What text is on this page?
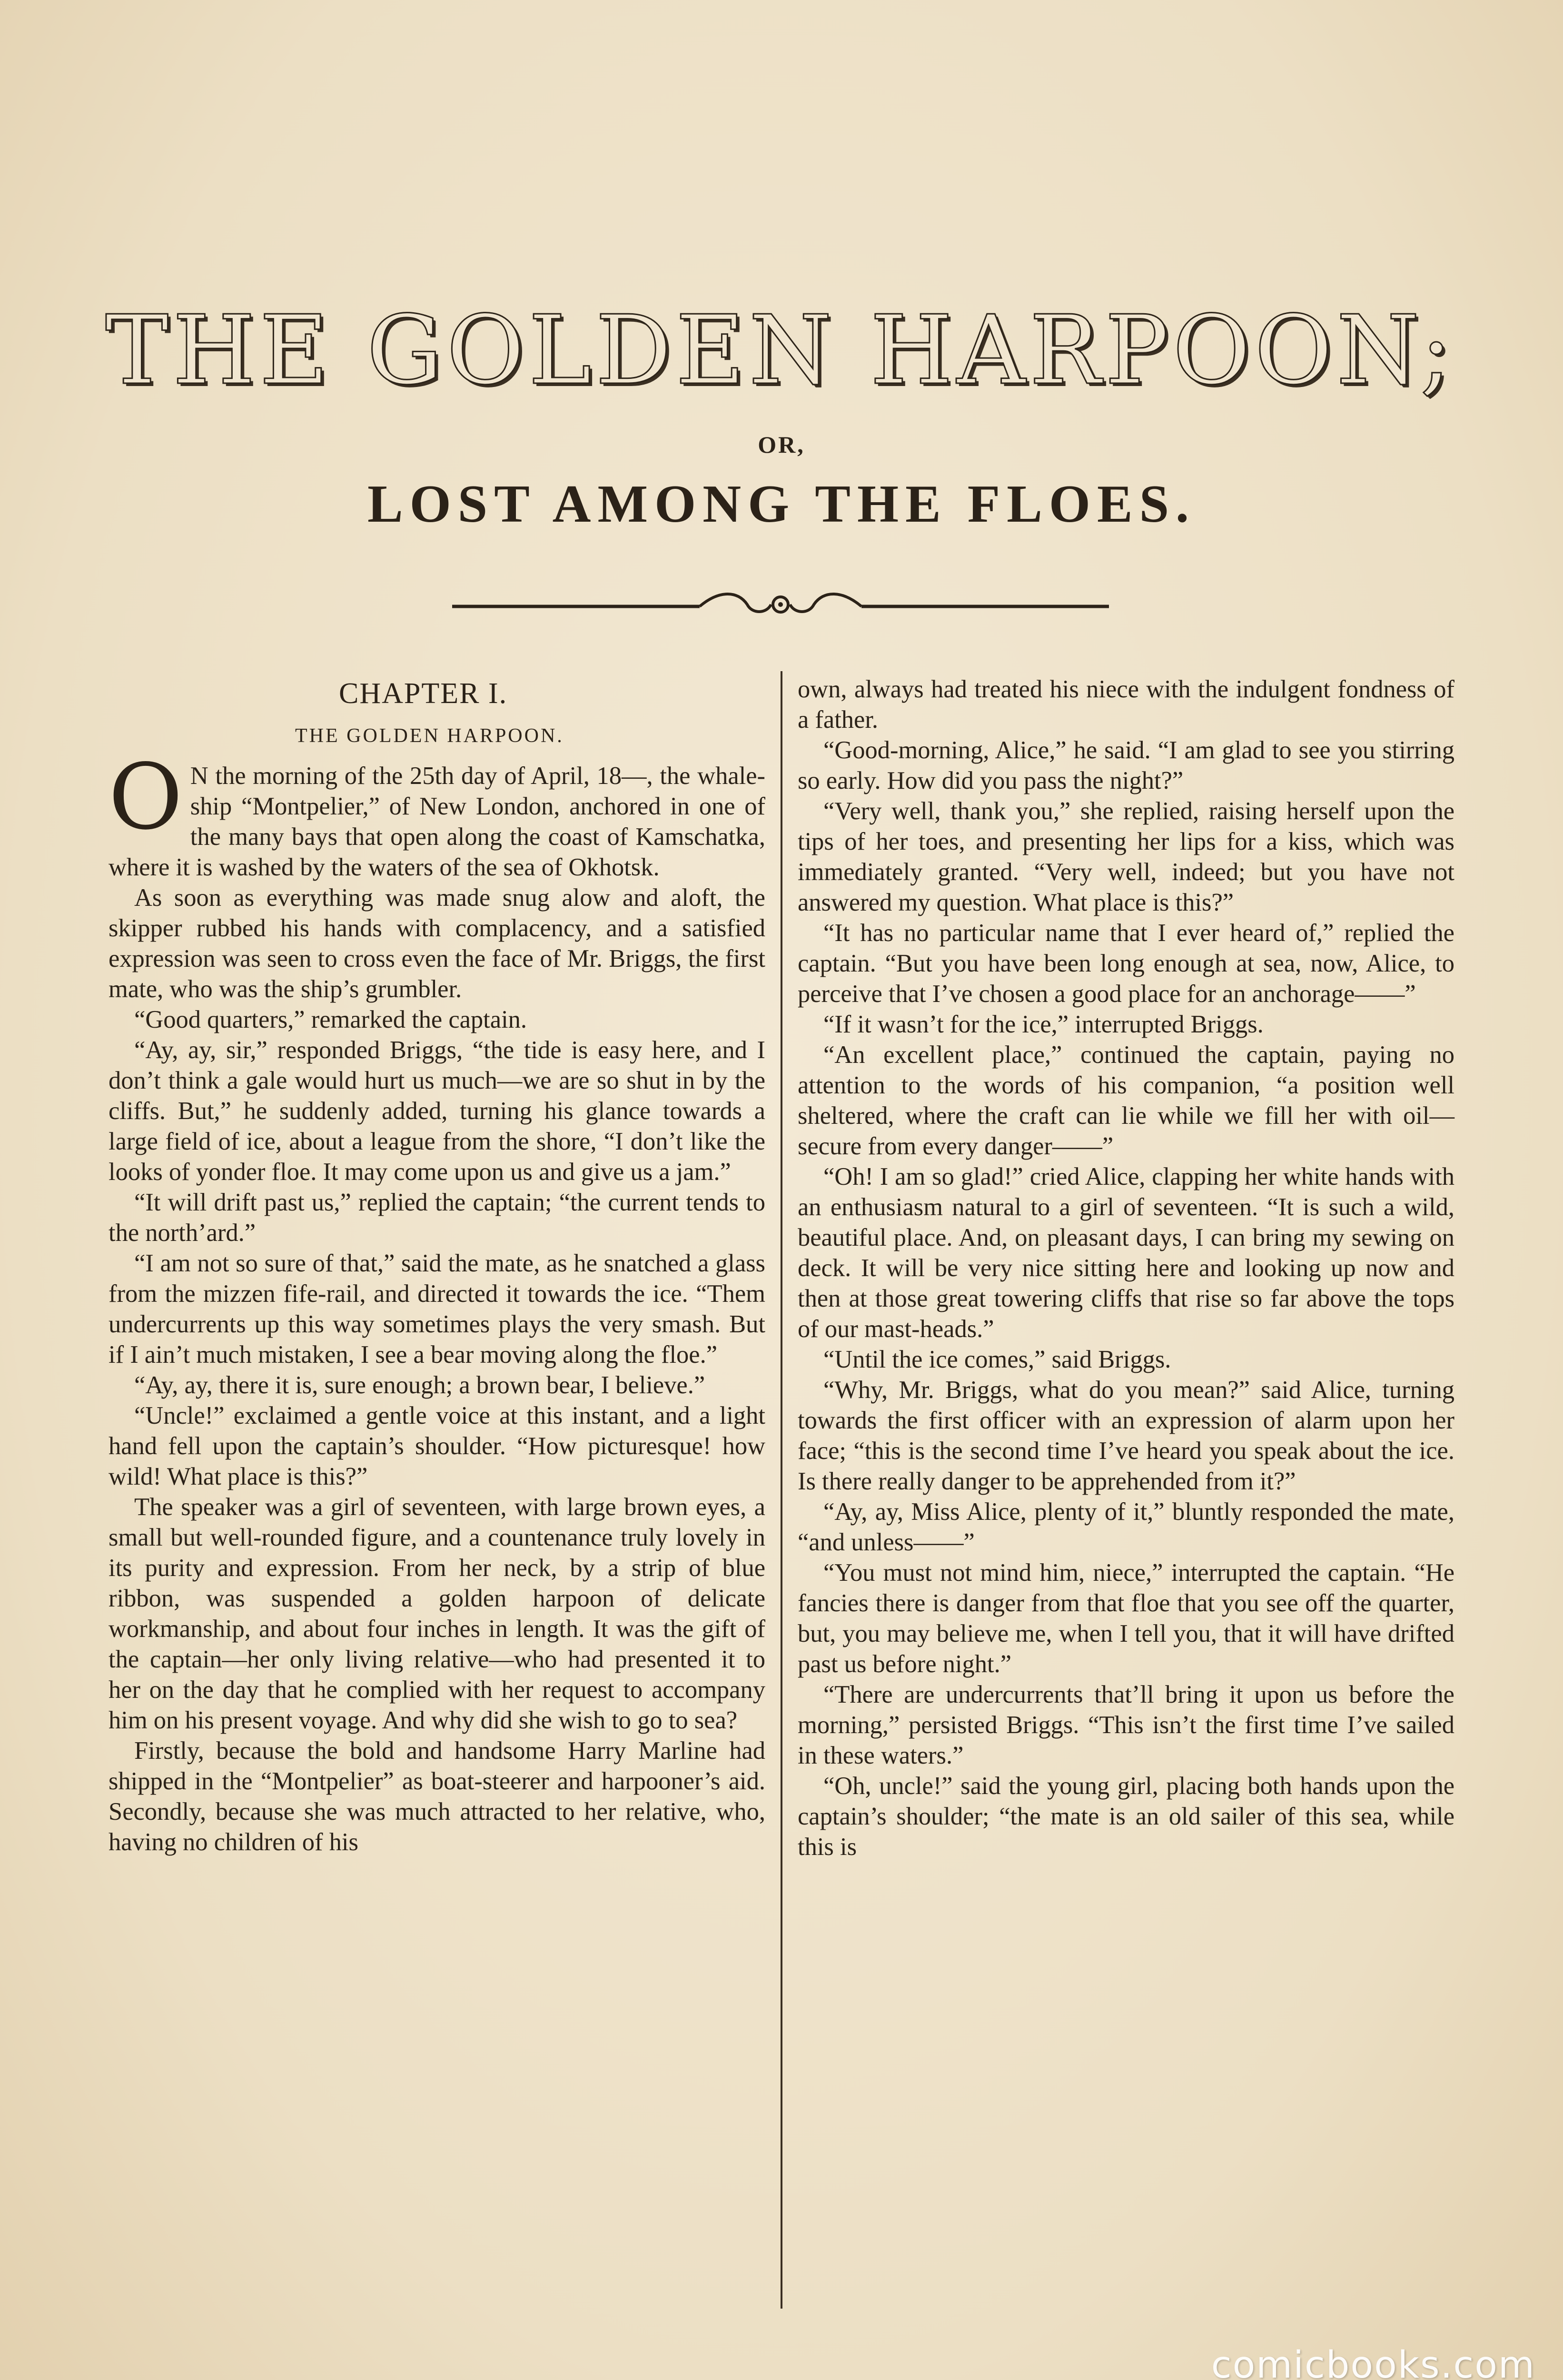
THE GOLDEN HARPOON;
OR,
LOST AMONG THE FLOES.
CHAPTER I.
THE GOLDEN HARPOON.

O N the morning of the 25th day of April, 18—, the whale-ship “Montpelier,” of New London, anchored in one of the many bays that open along the coast of Kamschatka, where it is washed by the waters of the sea of Okhotsk.

As soon as everything was made snug alow and aloft, the skipper rubbed his hands with complacency, and a satisfied expression was seen to cross even the face of Mr. Briggs, the first mate, who was the ship’s grumbler.

“Good quarters,” remarked the captain.

“Ay, ay, sir,” responded Briggs, “the tide is easy here, and I don’t think a gale would hurt us much—we are so shut in by the cliffs. But,” he suddenly added, turning his glance towards a large field of ice, about a league from the shore, “I don’t like the looks of yonder floe. It may come upon us and give us a jam.”

“It will drift past us,” replied the captain; “the current tends to the north’ard.”

“I am not so sure of that,” said the mate, as he snatched a glass from the mizzen fife-rail, and directed it towards the ice. “Them undercurrents up this way sometimes plays the very smash. But if I ain’t much mistaken, I see a bear moving along the floe.”

“Ay, ay, there it is, sure enough; a brown bear, I believe.”

“Uncle!” exclaimed a gentle voice at this instant, and a light hand fell upon the captain’s shoulder. “How picturesque! how wild! What place is this?”

The speaker was a girl of seventeen, with large brown eyes, a small but well-rounded figure, and a countenance truly lovely in its purity and expression. From her neck, by a strip of blue ribbon, was suspended a golden harpoon of delicate workmanship, and about four inches in length. It was the gift of the captain—her only living relative—who had presented it to her on the day that he complied with her request to accompany him on his present voyage. And why did she wish to go to sea?

Firstly, because the bold and handsome Harry Marline had shipped in the “Montpelier” as boat-steerer and harpooner’s aid. Secondly, because she was much attracted to her relative, who, having no children of his

own, always had treated his niece with the indulgent fondness of a father.

“Good-morning, Alice,” he said. “I am glad to see you stirring so early. How did you pass the night?”

“Very well, thank you,” she replied, raising herself upon the tips of her toes, and presenting her lips for a kiss, which was immediately granted. “Very well, indeed; but you have not answered my question. What place is this?”

“It has no particular name that I ever heard of,” replied the captain. “But you have been long enough at sea, now, Alice, to perceive that I’ve chosen a good place for an anchorage——”

“If it wasn’t for the ice,” interrupted Briggs.

“An excellent place,” continued the captain, paying no attention to the words of his companion, “a position well sheltered, where the craft can lie while we fill her with oil—secure from every danger——”

“Oh! I am so glad!” cried Alice, clapping her white hands with an enthusiasm natural to a girl of seventeen. “It is such a wild, beautiful place. And, on pleasant days, I can bring my sewing on deck. It will be very nice sitting here and looking up now and then at those great towering cliffs that rise so far above the tops of our mast-heads.”

“Until the ice comes,” said Briggs.

“Why, Mr. Briggs, what do you mean?” said Alice, turning towards the first officer with an expression of alarm upon her face; “this is the second time I’ve heard you speak about the ice. Is there really danger to be apprehended from it?”

“Ay, ay, Miss Alice, plenty of it,” bluntly responded the mate, “and unless——”

“You must not mind him, niece,” interrupted the captain. “He fancies there is danger from that floe that you see off the quarter, but, you may believe me, when I tell you, that it will have drifted past us before night.”

“There are undercurrents that’ll bring it upon us before the morning,” persisted Briggs. “This isn’t the first time I’ve sailed in these waters.”

“Oh, uncle!” said the young girl, placing both hands upon the captain’s shoulder; “the mate is an old sailer of this sea, while this is

comicbooks.com
